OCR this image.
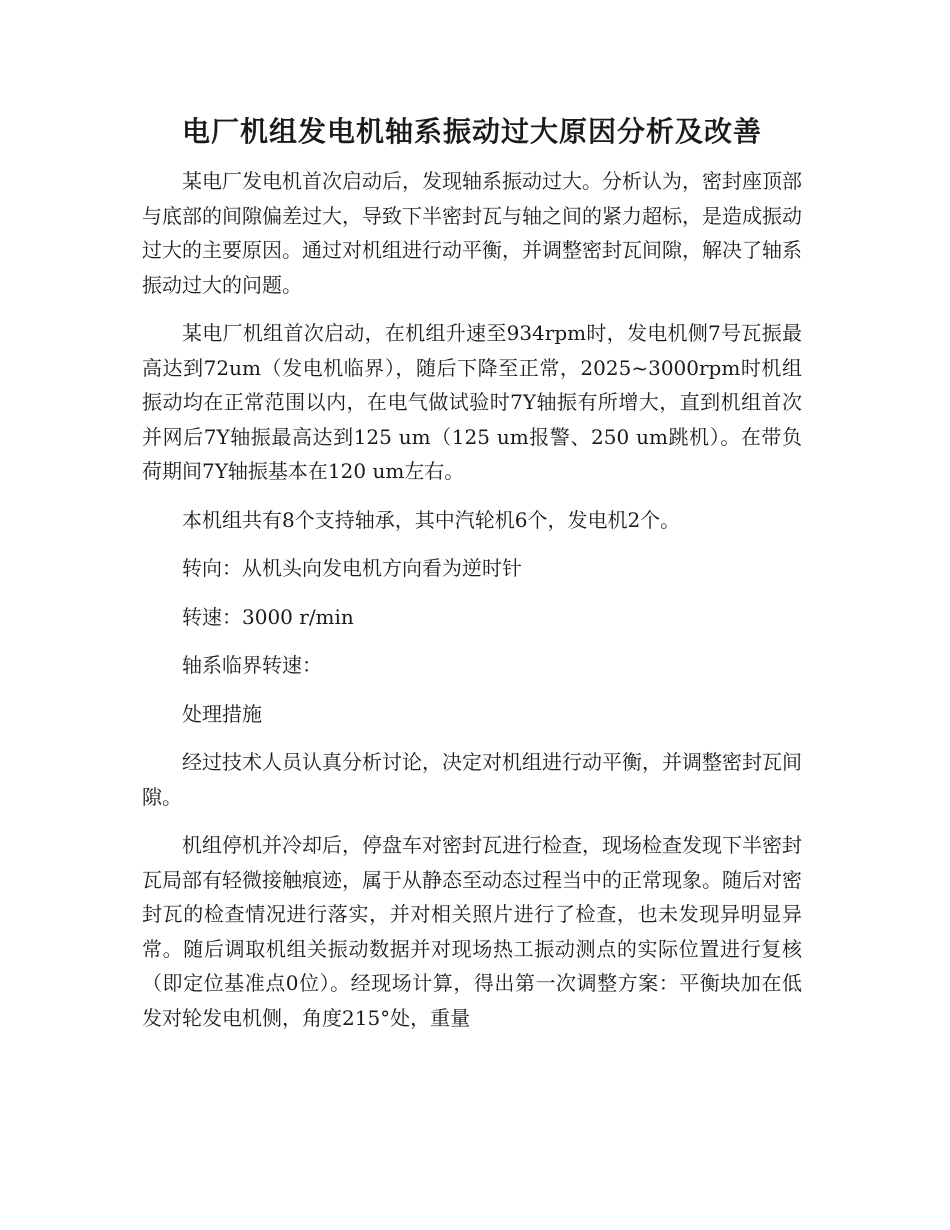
电厂机组发电机轴系振动过大原因分析及改善

某电厂发电机首次启动后，发现轴系振动过大。分析认为，密封座顶部与底部的间隙偏差过大，导致下半密封瓦与轴之间的紧力超标，是造成振动过大的主要原因。通过对机组进行动平衡，并调整密封瓦间隙，解决了轴系振动过大的问题。

某电厂机组首次启动，在机组升速至934rpm时，发电机侧7号瓦振最高达到72um（发电机临界），随后下降至正常，2025~3000rpm时机组振动均在正常范围以内，在电气做试验时7Y轴振有所增大，直到机组首次并网后7Y轴振最高达到125 um（125 um报警、250 um跳机）。在带负荷期间7Y轴振基本在120 um左右。

本机组共有8个支持轴承，其中汽轮机6个，发电机2个。

转向：从机头向发电机方向看为逆时针

转速：3000 r/min

轴系临界转速：

处理措施

经过技术人员认真分析讨论，决定对机组进行动平衡，并调整密封瓦间隙。

机组停机并冷却后，停盘车对密封瓦进行检查，现场检查发现下半密封瓦局部有轻微接触痕迹，属于从静态至动态过程当中的正常现象。随后对密封瓦的检查情况进行落实，并对相关照片进行了检查，也未发现异明显异常。随后调取机组关振动数据并对现场热工振动测点的实际位置进行复核（即定位基准点0位）。经现场计算，得出第一次调整方案：平衡块加在低发对轮发电机侧，角度215°处，重量
